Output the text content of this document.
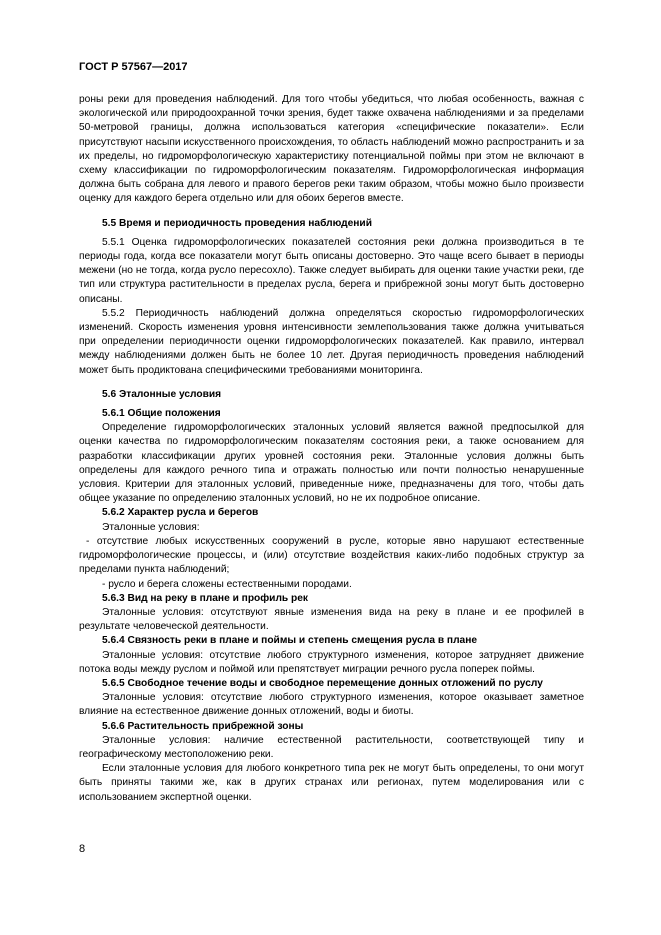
ГОСТ Р 57567—2017

роны реки для проведения наблюдений. Для того чтобы убедиться, что любая особенность, важная с экологической или природоохранной точки зрения, будет также охвачена наблюдениями и за пределами 50-метровой границы, должна использоваться категория «специфические показатели». Если присутствуют насыпи искусственного происхождения, то область наблюдений можно распространить и за их пределы, но гидроморфологическую характеристику потенциальной поймы при этом не включают в схему классификации по гидроморфологическим показателям. Гидроморфологическая информация должна быть собрана для левого и правого берегов реки таким образом, чтобы можно было произвести оценку для каждого берега отдельно или для обоих берегов вместе.

5.5 Время и периодичность проведения наблюдений

5.5.1 Оценка гидроморфологических показателей состояния реки должна производиться в те периоды года, когда все показатели могут быть описаны достоверно. Это чаще всего бывает в периоды межени (но не тогда, когда русло пересохло). Также следует выбирать для оценки такие участки реки, где тип или структура растительности в пределах русла, берега и прибрежной зоны могут быть достоверно описаны.

5.5.2 Периодичность наблюдений должна определяться скоростью гидроморфологических изменений. Скорость изменения уровня интенсивности землепользования также должна учитываться при определении периодичности оценки гидроморфологических показателей. Как правило, интервал между наблюдениями должен быть не более 10 лет. Другая периодичность проведения наблюдений может быть продиктована специфическими требованиями мониторинга.

5.6 Эталонные условия
5.6.1 Общие положения

Определение гидроморфологических эталонных условий является важной предпосылкой для оценки качества по гидроморфологическим показателям состояния реки, а также основанием для разработки классификации других уровней состояния реки. Эталонные условия должны быть определены для каждого речного типа и отражать полностью или почти полностью ненарушенные условия. Критерии для эталонных условий, приведенные ниже, предназначены для того, чтобы дать общее указание по определению эталонных условий, но не их подробное описание.

5.6.2 Характер русла и берегов

Эталонные условия:

- отсутствие любых искусственных сооружений в русле, которые явно нарушают естественные гидроморфологические процессы, и (или) отсутствие воздействия каких-либо подобных структур за пределами пункта наблюдений;

- русло и берега сложены естественными породами.

5.6.3 Вид на реку в плане и профиль рек

Эталонные условия: отсутствуют явные изменения вида на реку в плане и ее профилей в результате человеческой деятельности.

5.6.4 Связность реки в плане и поймы и степень смещения русла в плане

Эталонные условия: отсутствие любого структурного изменения, которое затрудняет движение потока воды между руслом и поймой или препятствует миграции речного русла поперек поймы.

5.6.5 Свободное течение воды и свободное перемещение донных отложений по руслу

Эталонные условия: отсутствие любого структурного изменения, которое оказывает заметное влияние на естественное движение донных отложений, воды и биоты.

5.6.6 Растительность прибрежной зоны

Эталонные условия: наличие естественной растительности, соответствующей типу и географическому местоположению реки.

Если эталонные условия для любого конкретного типа рек не могут быть определены, то они могут быть приняты такими же, как в других странах или регионах, путем моделирования или с использованием экспертной оценки.

8
